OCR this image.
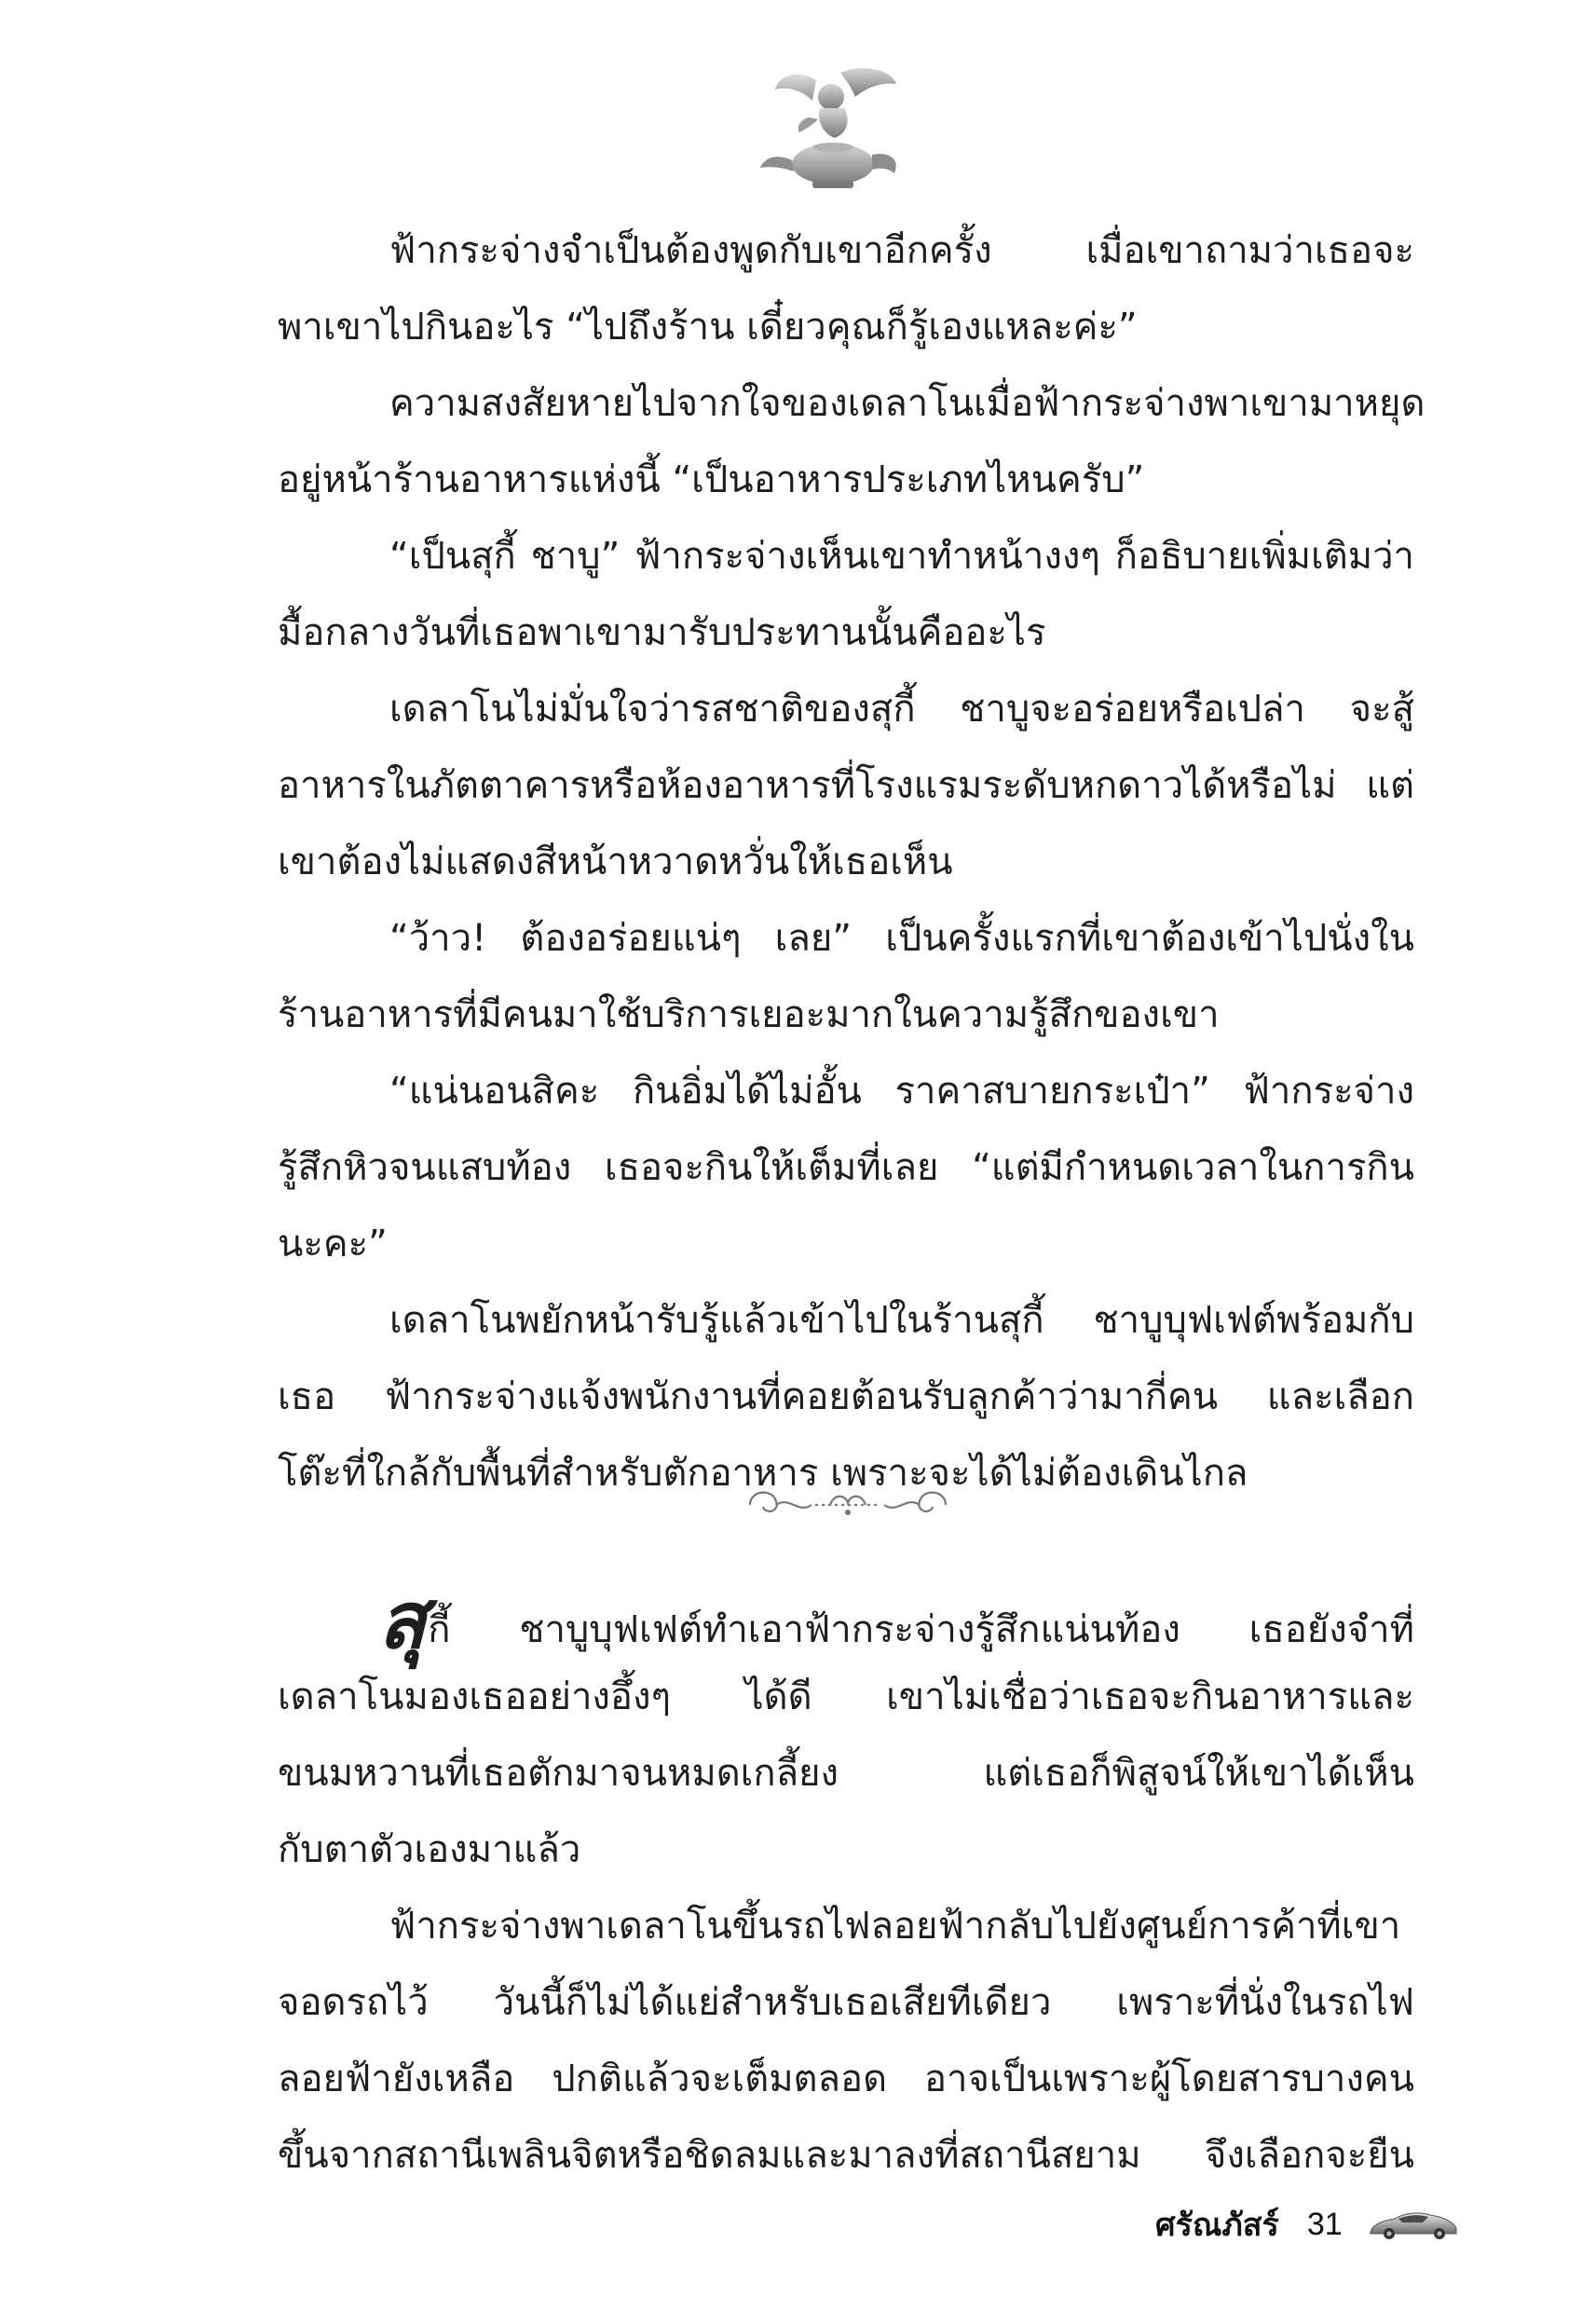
ฟ้ากระจ่างจำเป็นต้องพูดกับเขาอีกครั้ง เมื่อเขาถามว่าเธอจะ
พาเขาไปกินอะไร “ไปถึงร้าน เดี๋ยวคุณก็รู้เองแหละค่ะ”
ความสงสัยหายไปจากใจของเดลาโนเมื่อฟ้ากระจ่างพาเขามาหยุด
อยู่หน้าร้านอาหารแห่งนี้ “เป็นอาหารประเภทไหนครับ”
“เป็นสุกี้ ชาบู” ฟ้ากระจ่างเห็นเขาทำหน้างงๆ ก็อธิบายเพิ่มเติมว่า
มื้อกลางวันที่เธอพาเขามารับประทานนั้นคืออะไร
เดลาโนไม่มั่นใจว่ารสชาติของสุกี้ ชาบูจะอร่อยหรือเปล่า จะสู้
อาหารในภัตตาคารหรือห้องอาหารที่โรงแรมระดับหกดาวได้หรือไม่ แต่
เขาต้องไม่แสดงสีหน้าหวาดหวั่นให้เธอเห็น
“ว้าว! ต้องอร่อยแน่ๆ เลย” เป็นครั้งแรกที่เขาต้องเข้าไปนั่งใน
ร้านอาหารที่มีคนมาใช้บริการเยอะมากในความรู้สึกของเขา
“แน่นอนสิคะ กินอิ่มได้ไม่อั้น ราคาสบายกระเป๋า” ฟ้ากระจ่าง
รู้สึกหิวจนแสบท้อง เธอจะกินให้เต็มที่เลย “แต่มีกำหนดเวลาในการกิน
นะคะ”
เดลาโนพยักหน้ารับรู้แล้วเข้าไปในร้านสุกี้ ชาบูบุฟเฟต์พร้อมกับ
เธอ ฟ้ากระจ่างแจ้งพนักงานที่คอยต้อนรับลูกค้าว่ามากี่คน และเลือก
โต๊ะที่ใกล้กับพื้นที่สำหรับตักอาหาร เพราะจะได้ไม่ต้องเดินไกล
สุกี้ ชาบูบุฟเฟต์ทำเอาฟ้ากระจ่างรู้สึกแน่นท้อง เธอยังจำที่
เดลาโนมองเธออย่างอึ้งๆ ได้ดี เขาไม่เชื่อว่าเธอจะกินอาหารและ
ขนมหวานที่เธอตักมาจนหมดเกลี้ยง แต่เธอก็พิสูจน์ให้เขาได้เห็น
กับตาตัวเองมาแล้ว
ฟ้ากระจ่างพาเดลาโนขึ้นรถไฟลอยฟ้ากลับไปยังศูนย์การค้าที่เขา
จอดรถไว้ วันนี้ก็ไม่ได้แย่สำหรับเธอเสียทีเดียว เพราะที่นั่งในรถไฟ
ลอยฟ้ายังเหลือ ปกติแล้วจะเต็มตลอด อาจเป็นเพราะผู้โดยสารบางคน
ขึ้นจากสถานีเพลินจิตหรือชิดลมและมาลงที่สถานีสยาม จึงเลือกจะยืน
ศรัณภัสร์ 31
